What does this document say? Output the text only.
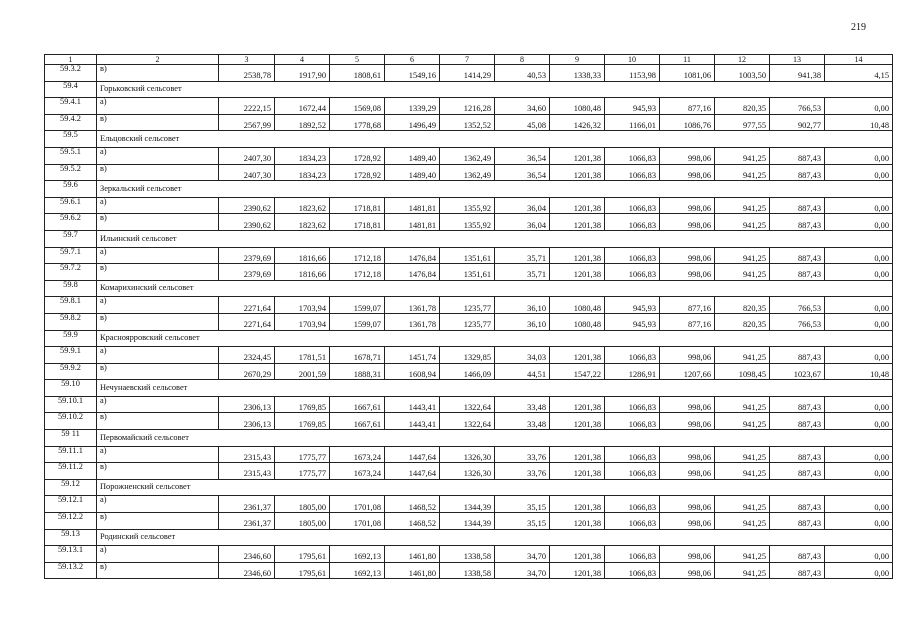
219
1	2	3	4	5	6	7	8	9	10	11	12	13	14
59.3.2	в)	2538,78	1917,90	1808,61	1549,16	1414,29	40,53	1338,33	1153,98	1081,06	1003,50	941,38	4,15
59.4	Горьковский сельсовет												
59.4.1	а)	2222,15	1672,44	1569,08	1339,29	1216,28	34,60	1080,48	945,93	877,16	820,35	766,53	0,00
59.4.2	в)	2567,99	1892,52	1778,68	1496,49	1352,52	45,08	1426,32	1166,01	1086,76	977,55	902,77	10,48
59.5	Ельцовский сельсовет												
59.5.1	а)	2407,30	1834,23	1728,92	1489,40	1362,49	36,54	1201,38	1066,83	998,06	941,25	887,43	0,00
59.5.2	в)	2407,30	1834,23	1728,92	1489,40	1362,49	36,54	1201,38	1066,83	998,06	941,25	887,43	0,00
59.6	Зеркальский сельсовет												
59.6.1	а)	2390,62	1823,62	1718,81	1481,81	1355,92	36,04	1201,38	1066,83	998,06	941,25	887,43	0,00
59.6.2	в)	2390,62	1823,62	1718,81	1481,81	1355,92	36,04	1201,38	1066,83	998,06	941,25	887,43	0,00
59.7	Ильинский сельсовет												
59.7.1	а)	2379,69	1816,66	1712,18	1476,84	1351,61	35,71	1201,38	1066,83	998,06	941,25	887,43	0,00
59.7.2	в)	2379,69	1816,66	1712,18	1476,84	1351,61	35,71	1201,38	1066,83	998,06	941,25	887,43	0,00
59.8	Комарихинский сельсовет												
59.8.1	а)	2271,64	1703,94	1599,07	1361,78	1235,77	36,10	1080,48	945,93	877,16	820,35	766,53	0,00
59.8.2	в)	2271,64	1703,94	1599,07	1361,78	1235,77	36,10	1080,48	945,93	877,16	820,35	766,53	0,00
59.9	Красноярровский сельсовет												
59.9.1	а)	2324,45	1781,51	1678,71	1451,74	1329,85	34,03	1201,38	1066,83	998,06	941,25	887,43	0,00
59.9.2	в)	2670,29	2001,59	1888,31	1608,94	1466,09	44,51	1547,22	1286,91	1207,66	1098,45	1023,67	10,48
59.10	Нечунаевский сельсовет												
59.10.1	а)	2306,13	1769,85	1667,61	1443,41	1322,64	33,48	1201,38	1066,83	998,06	941,25	887,43	0,00
59.10.2	в)	2306,13	1769,85	1667,61	1443,41	1322,64	33,48	1201,38	1066,83	998,06	941,25	887,43	0,00
59 11	Первомайский сельсовет												
59.11.1	а)	2315,43	1775,77	1673,24	1447,64	1326,30	33,76	1201,38	1066,83	998,06	941,25	887,43	0,00
59.11.2	в)	2315,43	1775,77	1673,24	1447,64	1326,30	33,76	1201,38	1066,83	998,06	941,25	887,43	0,00
59.12	Порожненский сельсовет												
59.12.1	а)	2361,37	1805,00	1701,08	1468,52	1344,39	35,15	1201,38	1066,83	998,06	941,25	887,43	0,00
59.12.2	в)	2361,37	1805,00	1701,08	1468,52	1344,39	35,15	1201,38	1066,83	998,06	941,25	887,43	0,00
59.13	Родинский сельсовет												
59.13.1	а)	2346,60	1795,61	1692,13	1461,80	1338,58	34,70	1201,38	1066,83	998,06	941,25	887,43	0,00
59.13.2	в)	2346,60	1795,61	1692,13	1461,80	1338,58	34,70	1201,38	1066,83	998,06	941,25	887,43	0,00
